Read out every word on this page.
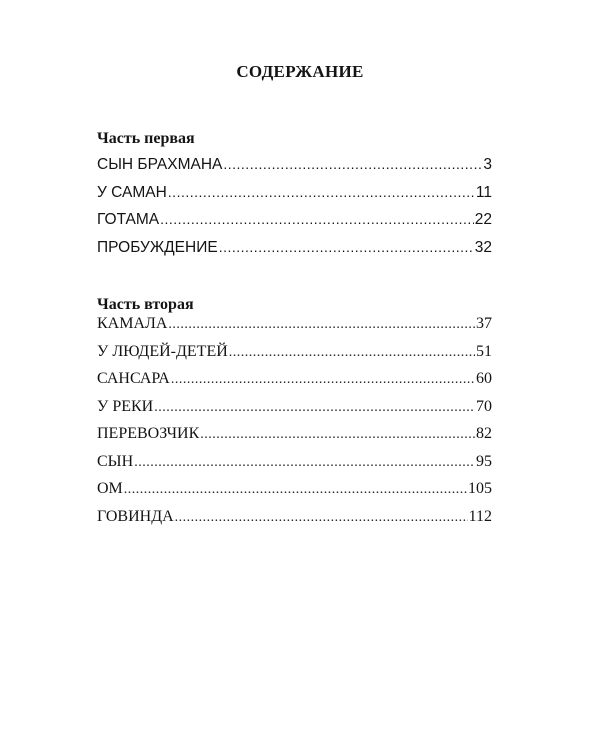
СОДЕРЖАНИЕ
Часть первая
СЫН БРАХМАНА .....	3
У САМАН .....	11
ГОТАМА .....	22
ПРОБУЖДЕНИЕ .....	32
Часть вторая
КАМАЛА .....	37
У ЛЮДЕЙ-ДЕТЕЙ .....	51
САНСАРА .....	60
У РЕКИ .....	70
ПЕРЕВОЗЧИК .....	82
СЫН .....	95
ОМ .....	105
ГОВИНДА .....	112
